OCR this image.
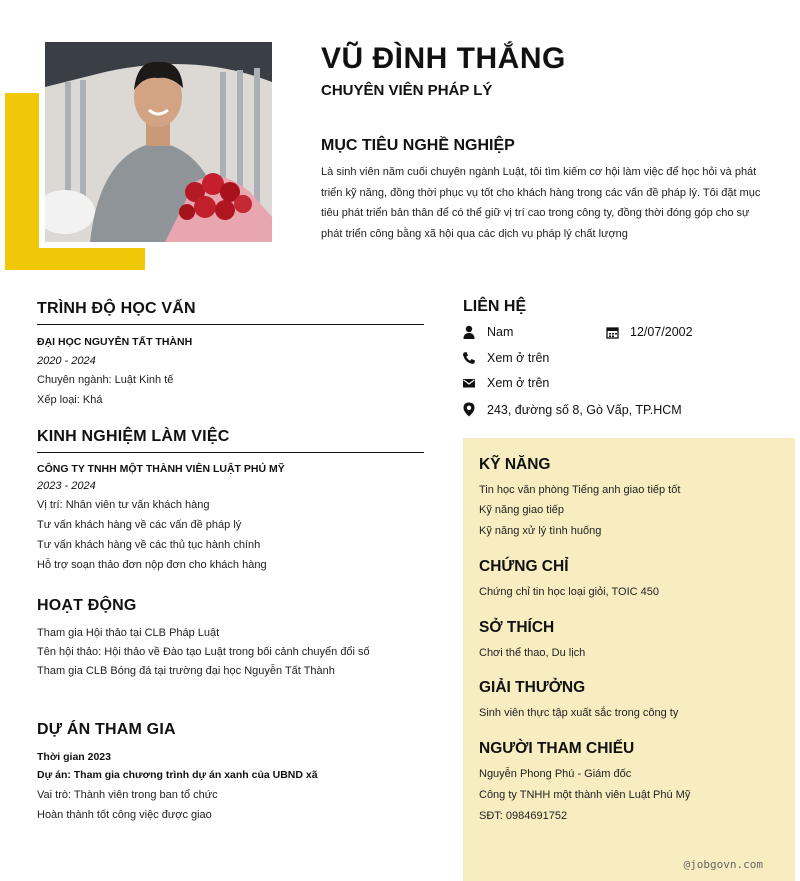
VŨ ĐÌNH THẮNG
CHUYÊN VIÊN PHÁP LÝ
MỤC TIÊU NGHỀ NGHIỆP
Là sinh viên năm cuối chuyên ngành Luật, tôi tìm kiếm cơ hội làm việc để học hỏi và phát triển kỹ năng, đồng thời phục vụ tốt cho khách hàng trong các vấn đề pháp lý. Tôi đặt mục tiêu phát triển bản thân để có thể giữ vị trí cao trong công ty, đồng thời đóng góp cho sự phát triển công bằng xã hội qua các dịch vụ pháp lý chất lượng
TRÌNH ĐỘ HỌC VẤN
ĐẠI HỌC NGUYỄN TẤT THÀNH
2020 - 2024
Chuyên ngành: Luật Kinh tế
Xếp loại: Khá
KINH NGHIỆM LÀM VIỆC
CÔNG TY TNHH MỘT THÀNH VIÊN LUẬT PHÚ MỸ
2023 - 2024
Vị trí: Nhân viên tư vấn khách hàng
Tư vấn khách hàng về các vấn đề pháp lý
Tư vấn khách hàng về các thủ tục hành chính
Hỗ trợ soạn thảo đơn nộp đơn cho khách hàng
HOẠT ĐỘNG
Tham gia Hội thảo tại CLB Pháp Luật
Tên hội thảo: Hội thảo về Đào tạo Luật trong bối cảnh chuyển đổi số
Tham gia CLB Bóng đá tại trường đại học Nguyễn Tất Thành
DỰ ÁN THAM GIA
Thời gian 2023
Dự án: Tham gia chương trình dự án xanh của UBND xã
Vai trò: Thành viên trong ban tổ chức
Hoàn thành tốt công việc được giao
LIÊN HỆ
Nam	12/07/2002
Xem ở trên
Xem ở trên
243, đường số 8, Gò Vấp, TP.HCM
KỸ NĂNG
Tin học văn phòng Tiếng anh giao tiếp tốt
Kỹ năng giao tiếp
Kỹ năng xử lý tình huống
CHỨNG CHỈ
Chứng chỉ tin học loại giỏi, TOIC 450
SỞ THÍCH
Chơi thể thao, Du lịch
GIẢI THƯỞNG
Sinh viên thực tập xuất sắc trong công ty
NGƯỜI THAM CHIẾU
Nguyễn Phong Phú - Giám đốc
Công ty TNHH một thành viên Luật Phú Mỹ
SĐT: 0984691752
@jobgovn.com
